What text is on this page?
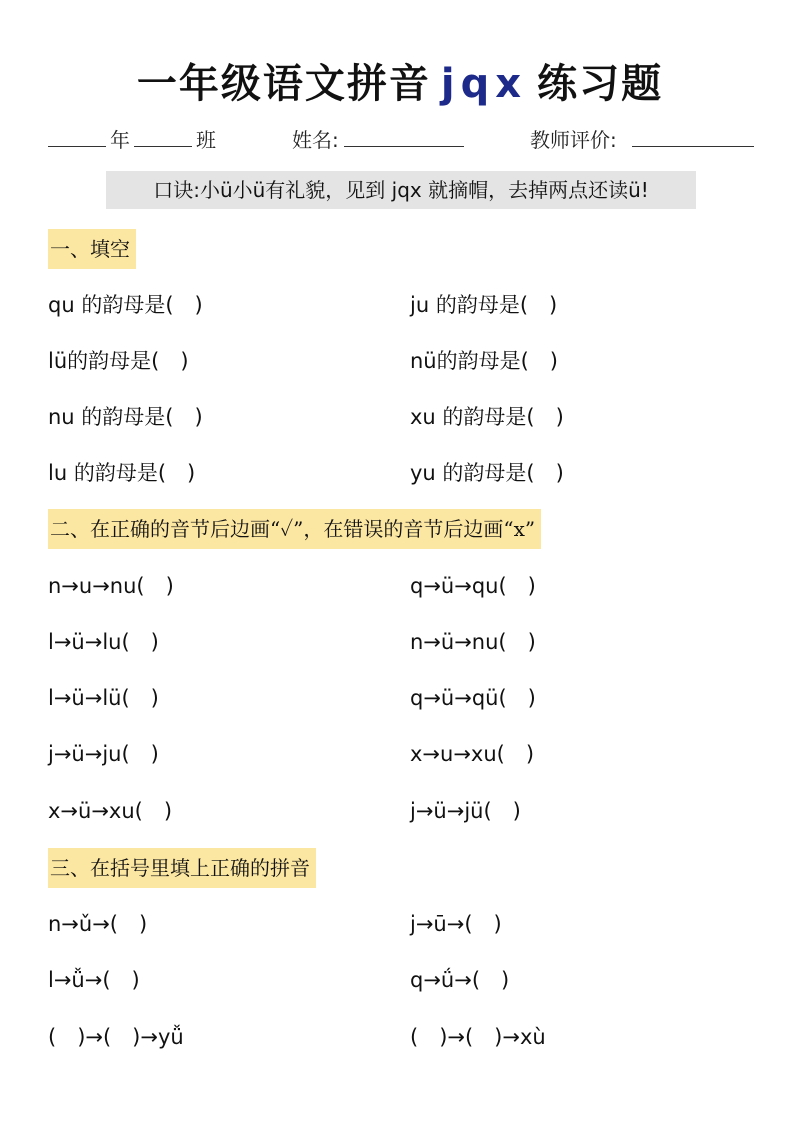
一年级语文拼音 jqx 练习题
年	班	姓名:	教师评价:
口诀:小ü小ü有礼貌，见到 jqx 就摘帽，去掉两点还读ü!
一、填空
qu 的韵母是(　)	ju 的韵母是(　)
lü的韵母是(　)	nü的韵母是(　)
nu 的韵母是(　)	xu 的韵母是(　)
lu 的韵母是(　)	yu 的韵母是(　)
二、在正确的音节后边画“✓”，在错误的音节后边画“x”
n→u→nu(　)	q→ü→qu(　)
l→ü→lu(　)	n→ü→nu(　)
l→ü→lü(　)	q→ü→qü(　)
j→ü→ju(　)	x→u→xu(　)
x→ü→xu(　)	j→ü→jü(　)
三、在括号里填上正确的拼音
n→ǔ→(　)	j→ū→(　)
l→ǚ→(　)	q→ǘ→(　)
(　)→(　)→yǚ	(　)→(　)→xù
